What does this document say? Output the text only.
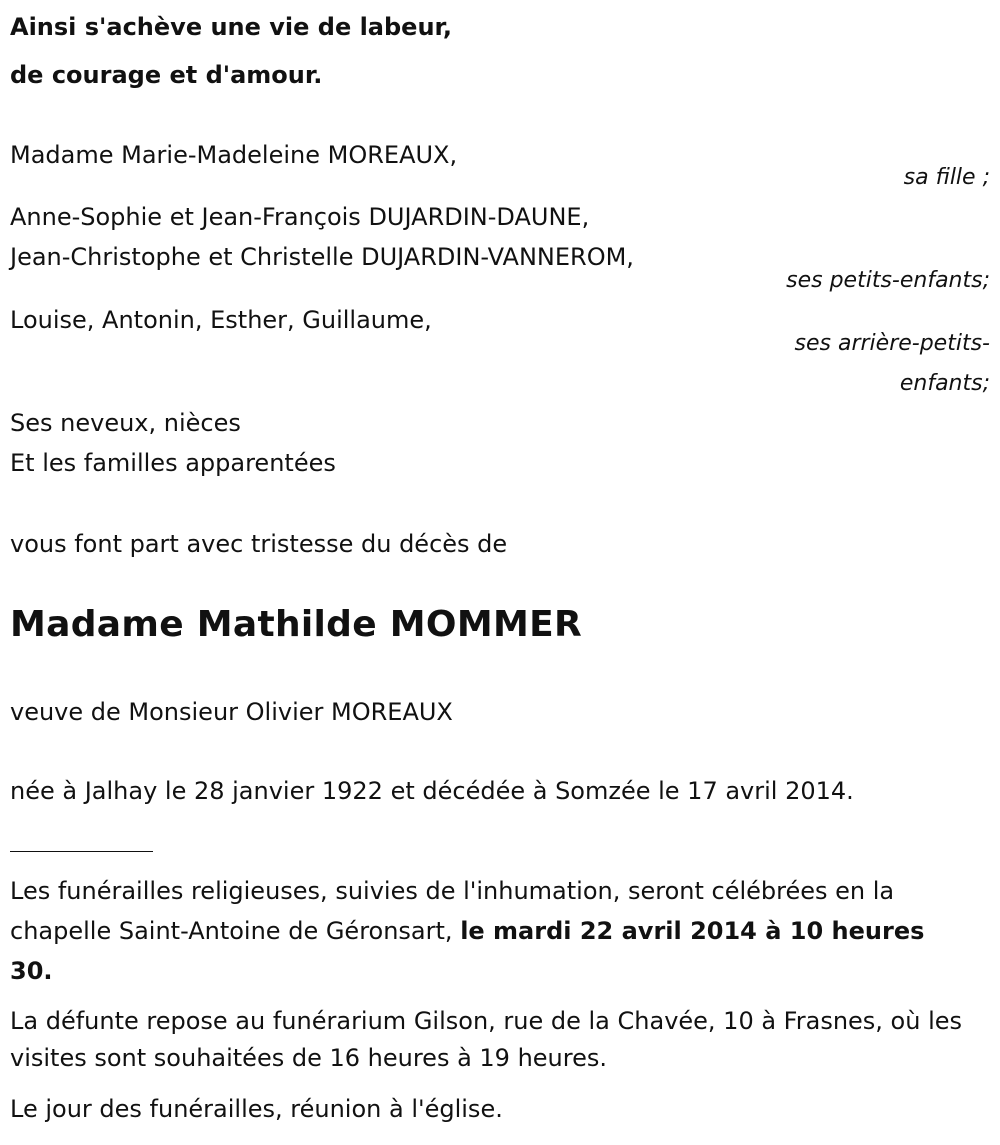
Ainsi s'achève une vie de labeur,

de courage et d'amour.

Madame Marie-Madeleine MOREAUX,

sa fille ;

Anne-Sophie et Jean-François DUJARDIN-DAUNE,

Jean-Christophe et Christelle DUJARDIN-VANNEROM,

ses petits-enfants;

Louise, Antonin, Esther, Guillaume,

ses arrière-petits-

enfants;

Ses neveux, nièces

Et les familles apparentées

vous font part avec tristesse du décès de

Madame Mathilde MOMMER

veuve de Monsieur Olivier MOREAUX

née à Jalhay le 28 janvier 1922 et décédée à Somzée le 17 avril 2014.

Les funérailles religieuses, suivies de l'inhumation, seront célébrées en la chapelle Saint-Antoine de Géronsart, le mardi 22 avril 2014 à 10 heures 30.

La défunte repose au funérarium Gilson, rue de la Chavée, 10 à Frasnes, où les visites sont souhaitées de 16 heures à 19 heures.

Le jour des funérailles, réunion à l'église.
